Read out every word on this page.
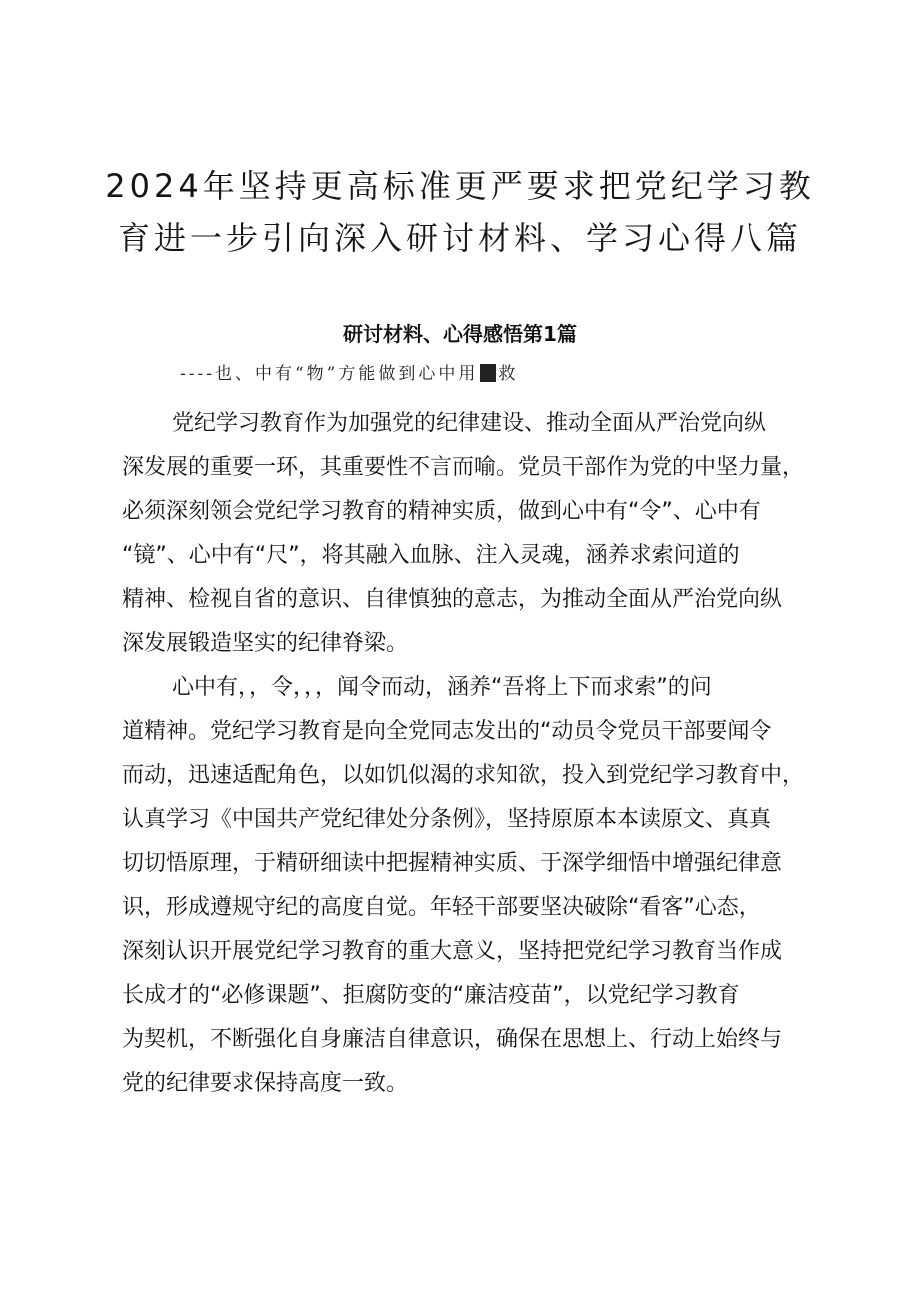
2024年坚持更高标准更严要求把党纪学习教
育进一步引向深入研讨材料、学习心得八篇
研讨材料、心得感悟第1篇
----也、中有“物”方能做到心中用 救
党纪学习教育作为加强党的纪律建设、推动全面从严治党向纵
深发展的重要一环，其重要性不言而喻。党员干部作为党的中坚力量，
必须深刻领会党纪学习教育的精神实质，做到心中有“令”、心中有
“镜”、心中有“尺”，将其融入血脉、注入灵魂，涵养求索问道的
精神、检视自省的意识、自律慎独的意志，为推动全面从严治党向纵
深发展锻造坚实的纪律脊梁。
心中有，，令，，，闻令而动，涵养“吾将上下而求索”的问
道精神。党纪学习教育是向全党同志发出的“动员令党员干部要闻令
而动，迅速适配角色，以如饥似渴的求知欲，投入到党纪学习教育中，
认真学习《中国共产党纪律处分条例》，坚持原原本本读原文、真真
切切悟原理，于精研细读中把握精神实质、于深学细悟中增强纪律意
识，形成遵规守纪的高度自觉。年轻干部要坚决破除“看客”心态，
深刻认识开展党纪学习教育的重大意义，坚持把党纪学习教育当作成
长成才的“必修课题”、拒腐防变的“廉洁疫苗”，以党纪学习教育
为契机，不断强化自身廉洁自律意识，确保在思想上、行动上始终与
党的纪律要求保持高度一致。
